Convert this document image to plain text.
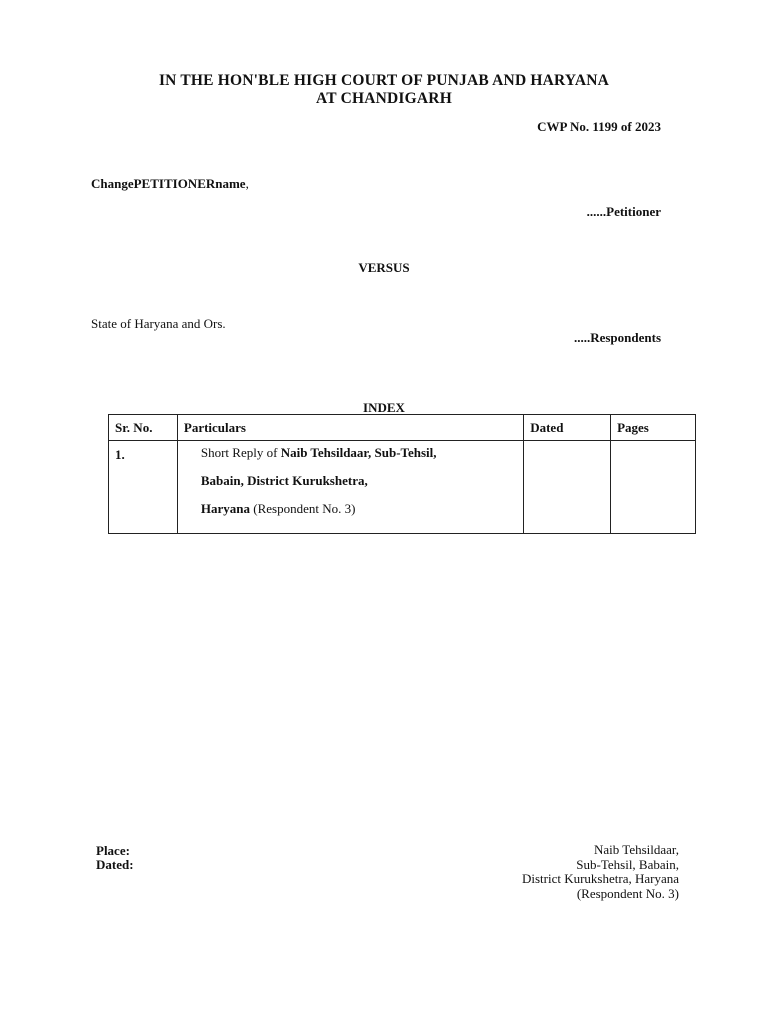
IN THE HON'BLE HIGH COURT OF PUNJAB AND HARYANA
AT CHANDIGARH
CWP No. 1199 of 2023
ChangePETITIONERname,
......Petitioner
VERSUS
State of Haryana and Ors.
.....Respondents
INDEX
Sr. No.	Particulars	Dated	Pages
1.	Short Reply of Naib Tehsildaar, Sub-Tehsil,
Babain, District Kurukshetra,
Haryana (Respondent No. 3)		

Place:
Dated:
Naib Tehsildaar,
Sub-Tehsil, Babain,
District Kurukshetra, Haryana
(Respondent No. 3)
